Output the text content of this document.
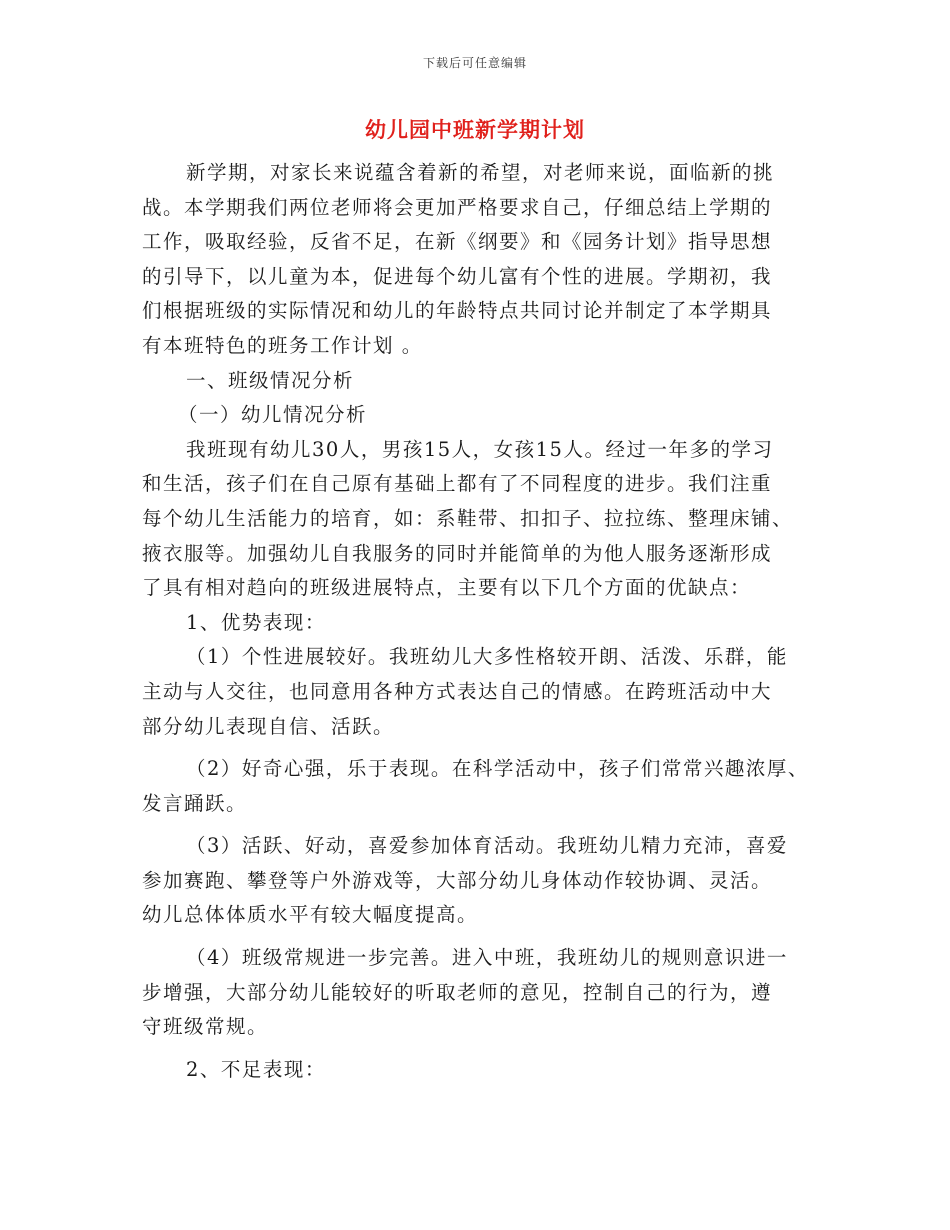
下载后可任意编辑
幼儿园中班新学期计划
新学期，对家长来说蕴含着新的希望，对老师来说，面临新的挑
战。本学期我们两位老师将会更加严格要求自己，仔细总结上学期的
工作，吸取经验，反省不足，在新《纲要》和《园务计划》指导思想
的引导下，以儿童为本，促进每个幼儿富有个性的进展。学期初，我
们根据班级的实际情况和幼儿的年龄特点共同讨论并制定了本学期具
有本班特色的班务工作计划 。
一、班级情况分析
（一）幼儿情况分析
我班现有幼儿30人，男孩15人，女孩15人。经过一年多的学习
和生活，孩子们在自己原有基础上都有了不同程度的进步。我们注重
每个幼儿生活能力的培育，如：系鞋带、扣扣子、拉拉练、整理床铺、
掖衣服等。加强幼儿自我服务的同时并能简单的为他人服务逐渐形成
了具有相对趋向的班级进展特点，主要有以下几个方面的优缺点：
1、优势表现：
（1）个性进展较好。我班幼儿大多性格较开朗、活泼、乐群，能
主动与人交往，也同意用各种方式表达自己的情感。在跨班活动中大
部分幼儿表现自信、活跃。
（2）好奇心强，乐于表现。在科学活动中，孩子们常常兴趣浓厚、
发言踊跃。
（3）活跃、好动，喜爱参加体育活动。我班幼儿精力充沛，喜爱
参加赛跑、攀登等户外游戏等，大部分幼儿身体动作较协调、灵活。
幼儿总体体质水平有较大幅度提高。
（4）班级常规进一步完善。进入中班，我班幼儿的规则意识进一
步增强，大部分幼儿能较好的听取老师的意见，控制自己的行为，遵
守班级常规。
2、不足表现：
